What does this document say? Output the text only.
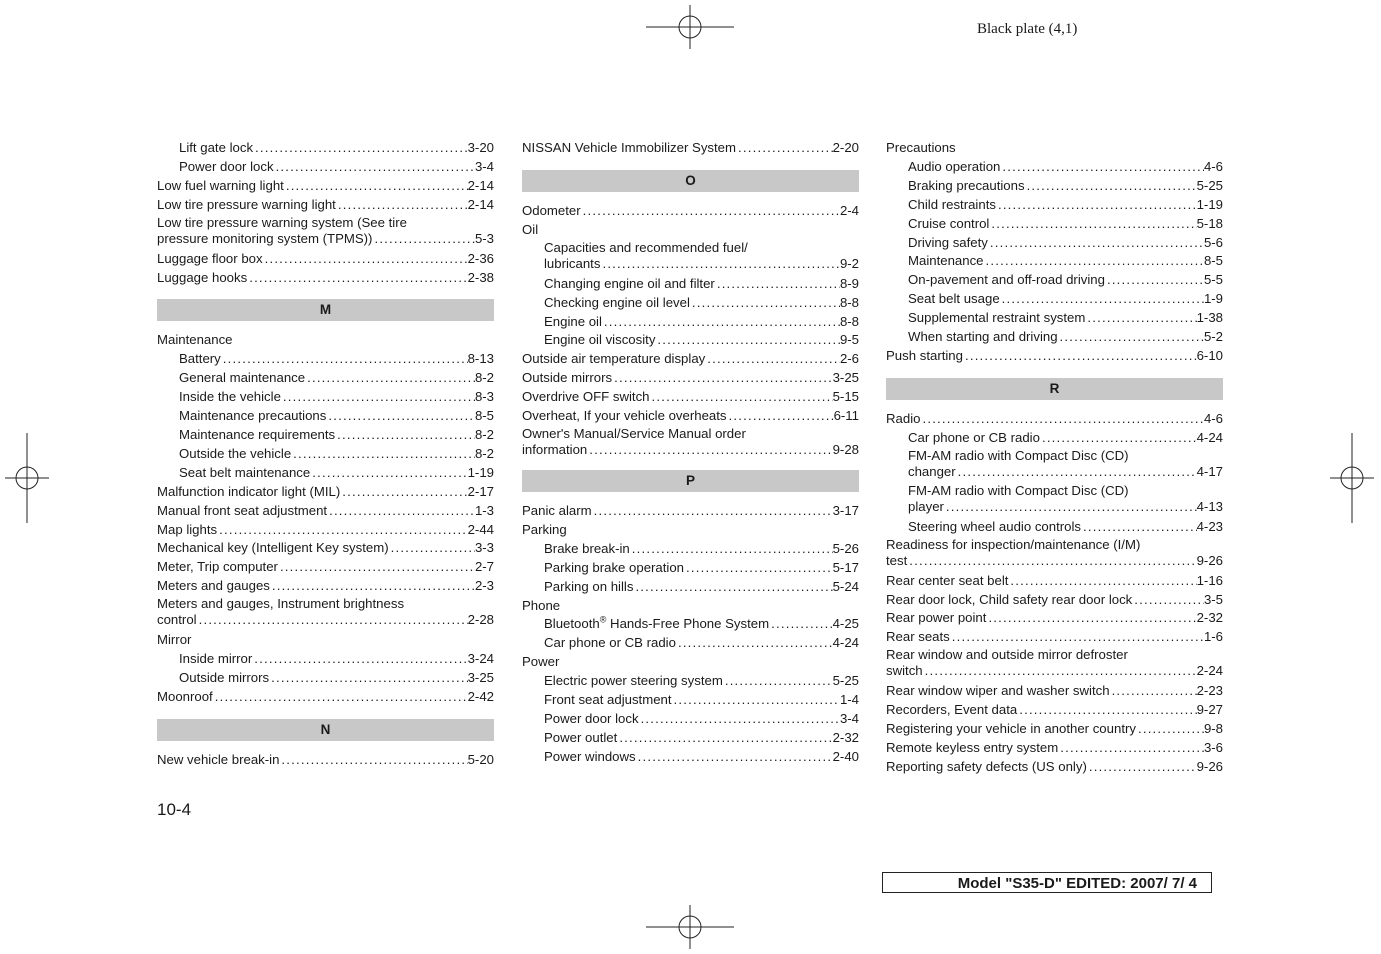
Black plate (4,1)
Lift gate lock .....	3-20
Power door lock .....	3-4
Low fuel warning light .....	2-14
Low tire pressure warning light .....	2-14
Low tire pressure warning system (See tire
pressure monitoring system (TPMS)) .....	5-3
Luggage floor box .....	2-36
Luggage hooks .....	2-38
M
Maintenance
Battery .....	8-13
General maintenance .....	8-2
Inside the vehicle .....	8-3
Maintenance precautions .....	8-5
Maintenance requirements .....	8-2
Outside the vehicle .....	8-2
Seat belt maintenance .....	1-19
Malfunction indicator light (MIL) .....	2-17
Manual front seat adjustment .....	1-3
Map lights .....	2-44
Mechanical key (Intelligent Key system) .....	3-3
Meter, Trip computer .....	2-7
Meters and gauges .....	2-3
Meters and gauges, Instrument brightness
control .....	2-28
Mirror
Inside mirror .....	3-24
Outside mirrors .....	3-25
Moonroof .....	2-42
N
New vehicle break-in .....	5-20
NISSAN Vehicle Immobilizer System .....	2-20
O
Odometer .....	2-4
Oil
Capacities and recommended fuel/
lubricants .....	9-2
Changing engine oil and filter .....	8-9
Checking engine oil level .....	8-8
Engine oil .....	8-8
Engine oil viscosity .....	9-5
Outside air temperature display .....	2-6
Outside mirrors .....	3-25
Overdrive OFF switch .....	5-15
Overheat, If your vehicle overheats .....	6-11
Owner's Manual/Service Manual order
information .....	9-28
P
Panic alarm .....	3-17
Parking
Brake break-in .....	5-26
Parking brake operation .....	5-17
Parking on hills .....	5-24
Phone
Bluetooth® Hands-Free Phone System .....	4-25
Car phone or CB radio .....	4-24
Power
Electric power steering system .....	5-25
Front seat adjustment .....	1-4
Power door lock .....	3-4
Power outlet .....	2-32
Power windows .....	2-40
Precautions
Audio operation .....	4-6
Braking precautions .....	5-25
Child restraints .....	1-19
Cruise control .....	5-18
Driving safety .....	5-6
Maintenance .....	8-5
On-pavement and off-road driving .....	5-5
Seat belt usage .....	1-9
Supplemental restraint system .....	1-38
When starting and driving .....	5-2
Push starting .....	6-10
R
Radio .....	4-6
Car phone or CB radio .....	4-24
FM-AM radio with Compact Disc (CD)
changer .....	4-17
FM-AM radio with Compact Disc (CD)
player .....	4-13
Steering wheel audio controls .....	4-23
Readiness for inspection/maintenance (I/M)
test .....	9-26
Rear center seat belt .....	1-16
Rear door lock, Child safety rear door lock .....	3-5
Rear power point .....	2-32
Rear seats .....	1-6
Rear window and outside mirror defroster
switch .....	2-24
Rear window wiper and washer switch .....	2-23
Recorders, Event data .....	9-27
Registering your vehicle in another country .....	9-8
Remote keyless entry system .....	3-6
Reporting safety defects (US only) .....	9-26
10-4
Model "S35-D" EDITED: 2007/ 7/ 4
